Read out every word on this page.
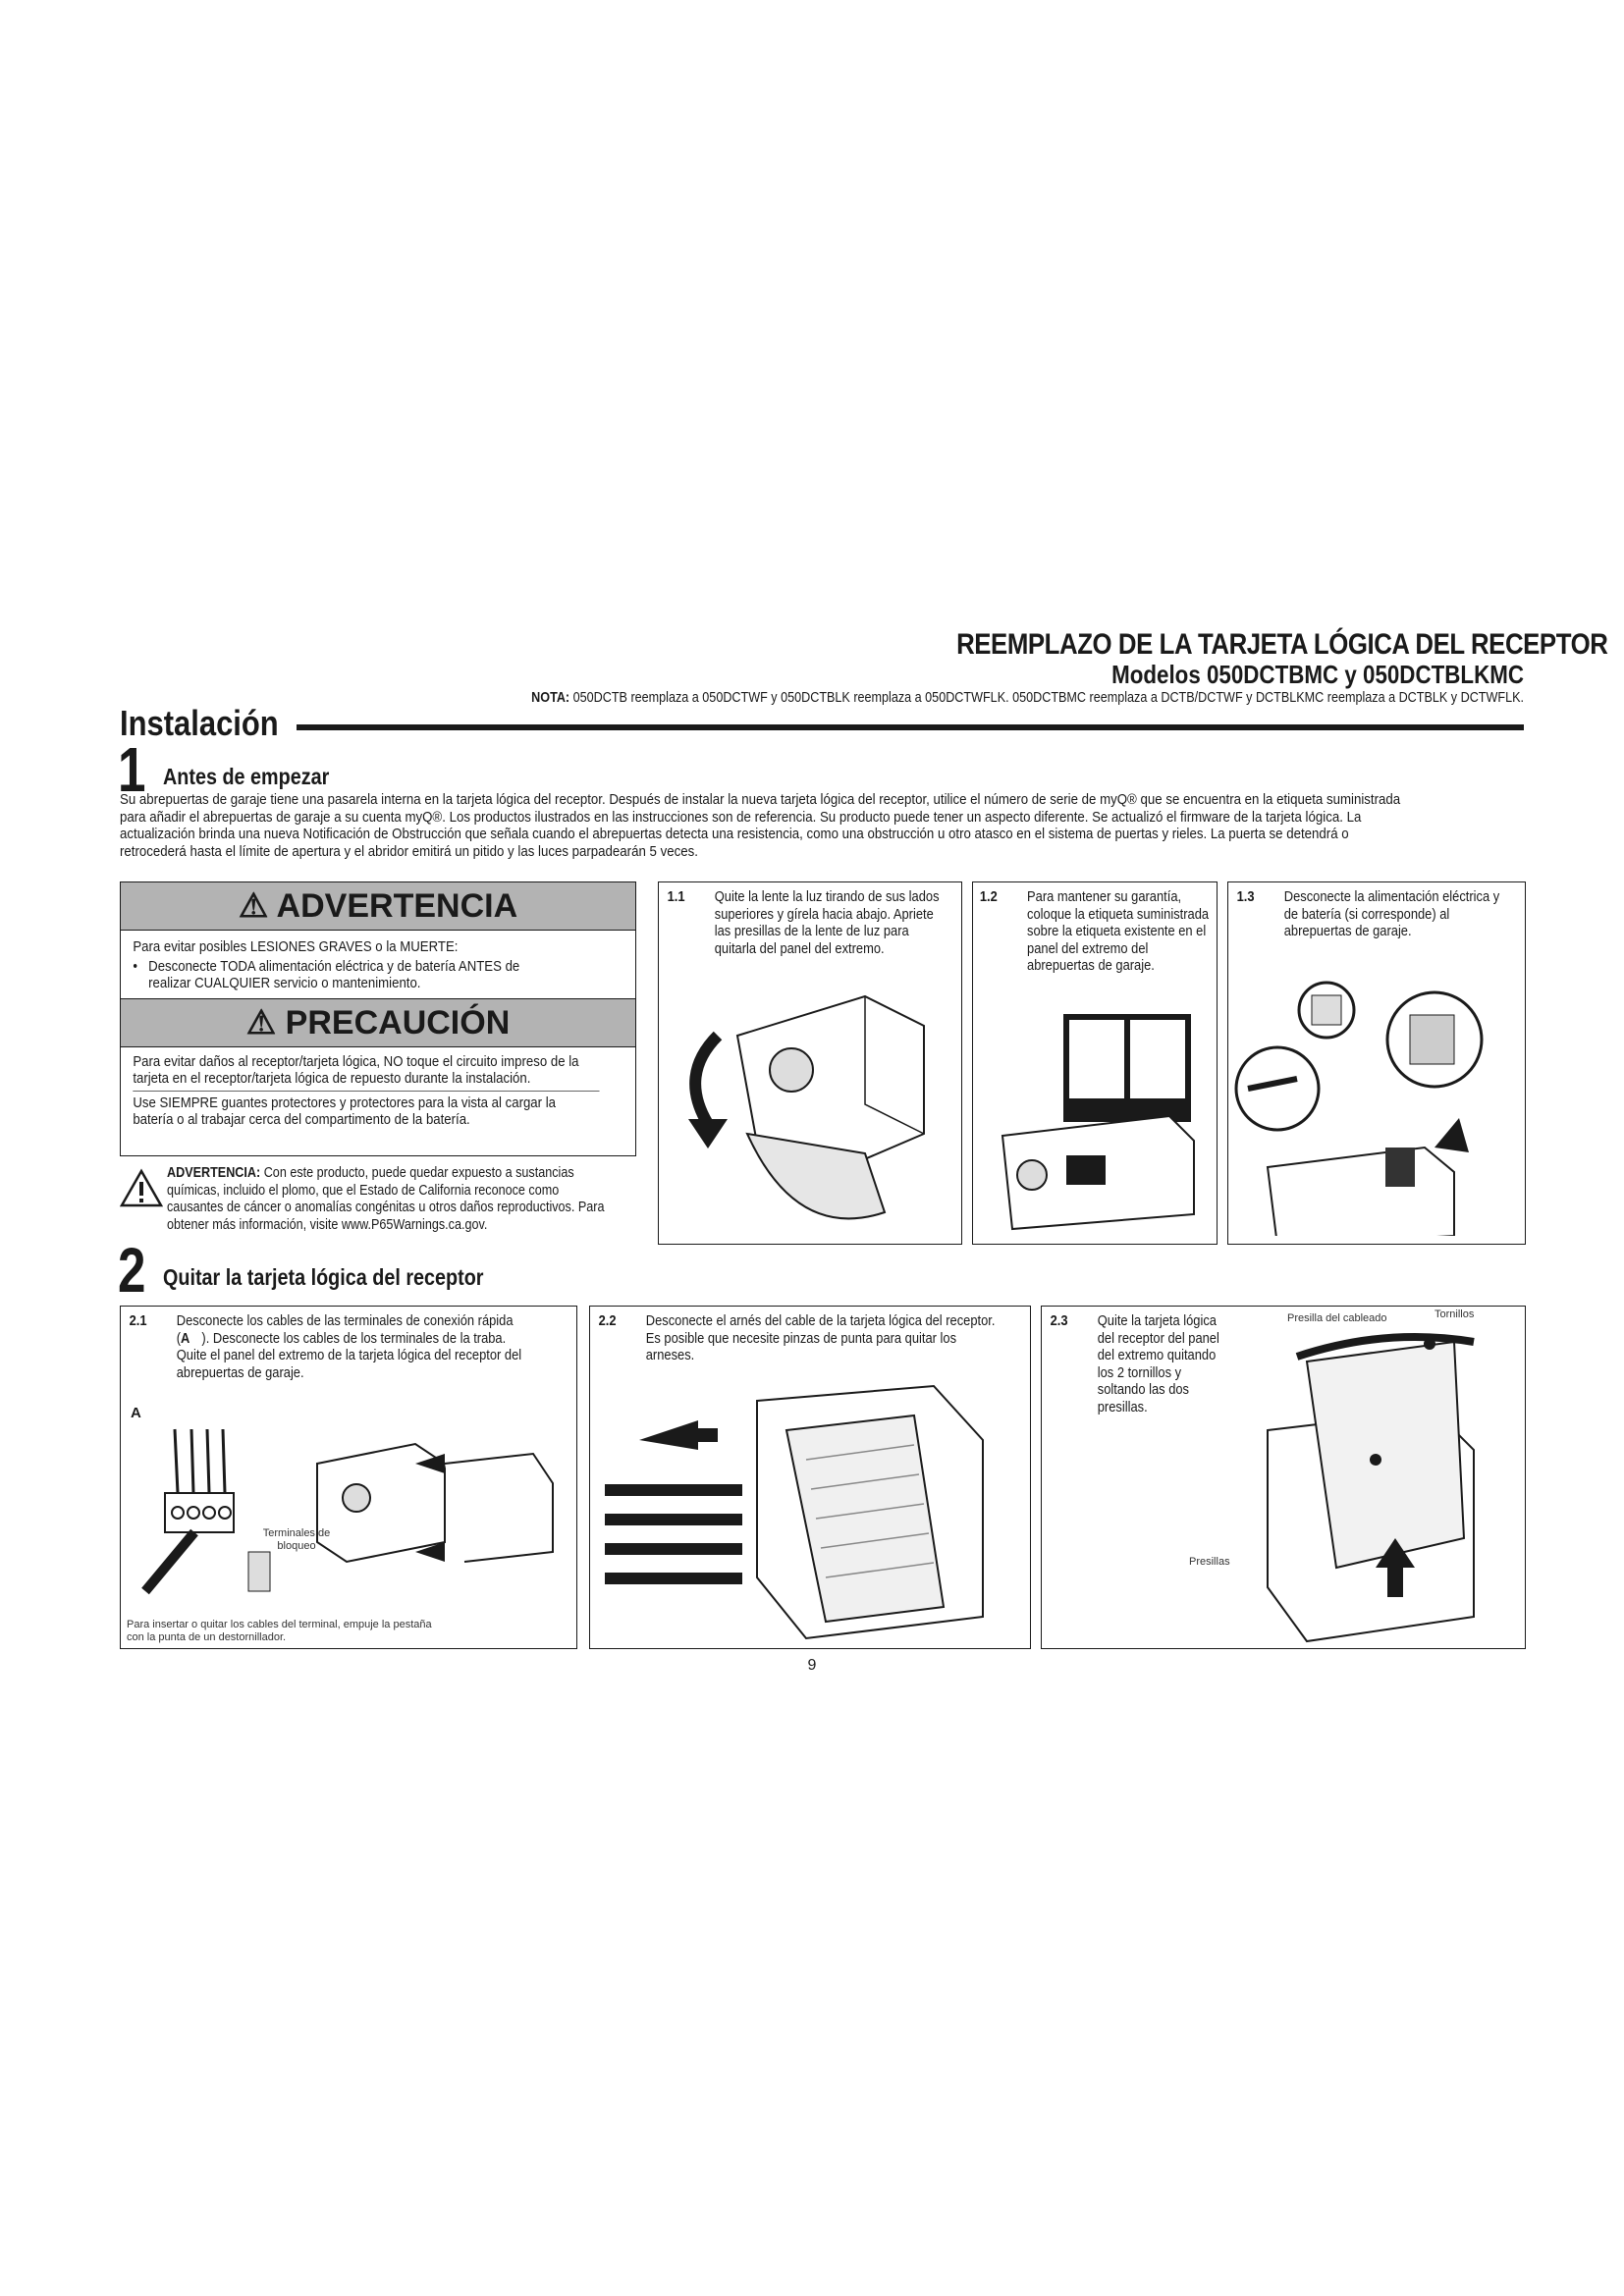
REEMPLAZO DE LA TARJETA LÓGICA DEL RECEPTOR
Modelos 050DCTBMC y 050DCTBLKMC
NOTA: 050DCTB reemplaza a 050DCTWF y 050DCTBLK reemplaza a 050DCTWFLK. 050DCTBMC reemplaza a DCTB/DCTWF y DCTBLKMC reemplaza a DCTBLK y DCTWFLK.
Instalación
1 Antes de empezar
Su abrepuertas de garaje tiene una pasarela interna en la tarjeta lógica del receptor. Después de instalar la nueva tarjeta lógica del receptor, utilice el número de serie de myQ® que se encuentra en la etiqueta suministrada para añadir el abrepuertas de garaje a su cuenta myQ®. Los productos ilustrados en las instrucciones son de referencia. Su producto puede tener un aspecto diferente. Se actualizó el firmware de la tarjeta lógica. La actualización brinda una nueva Notificación de Obstrucción que señala cuando el abrepuertas detecta una resistencia, como una obstrucción u otro atasco en el sistema de puertas y rieles. La puerta se detendrá o retrocederá hasta el límite de apertura y el abridor emitirá un pitido y las luces parpadearán 5 veces.
⚠ ADVERTENCIA
Para evitar posibles LESIONES GRAVES o la MUERTE:
• Desconecte TODA alimentación eléctrica y de batería ANTES de realizar CUALQUIER servicio o mantenimiento.
⚠ PRECAUCIÓN
Para evitar daños al receptor/tarjeta lógica, NO toque el circuito impreso de la tarjeta en el receptor/tarjeta lógica de repuesto durante la instalación.
Use SIEMPRE guantes protectores y protectores para la vista al cargar la batería o al trabajar cerca del compartimento de la batería.
ADVERTENCIA: Con este producto, puede quedar expuesto a sustancias químicas, incluido el plomo, que el Estado de California reconoce como causantes de cáncer o anomalías congénitas u otros daños reproductivos. Para obtener más información, visite www.P65Warnings.ca.gov.
1.1	Quite la lente la luz tirando de sus lados superiores y gírela hacia abajo. Apriete las presillas de la lente de luz para quitarla del panel del extremo.
1.2	Para mantener su garantía, coloque la etiqueta suministrada sobre la etiqueta existente en el panel del extremo del abrepuertas de garaje.
1.3	Desconecte la alimentación eléctrica y de batería (si corresponde) al abrepuertas de garaje.
2 Quitar la tarjeta lógica del receptor
2.1	Desconecte los cables de las terminales de conexión rápida (A ). Desconecte los cables de los terminales de la traba. Quite el panel del extremo de la tarjeta lógica del receptor del abrepuertas de garaje.
A
Terminales de bloqueo
Para insertar o quitar los cables del terminal, empuje la pestaña con la punta de un destornillador.
2.2	Desconecte el arnés del cable de la tarjeta lógica del receptor. Es posible que necesite pinzas de punta para quitar los arneses.
2.3	Quite la tarjeta lógica del receptor del panel del extremo quitando los 2 tornillos y soltando las dos presillas.
Presilla del cableado	Tornillos
Presillas
9
